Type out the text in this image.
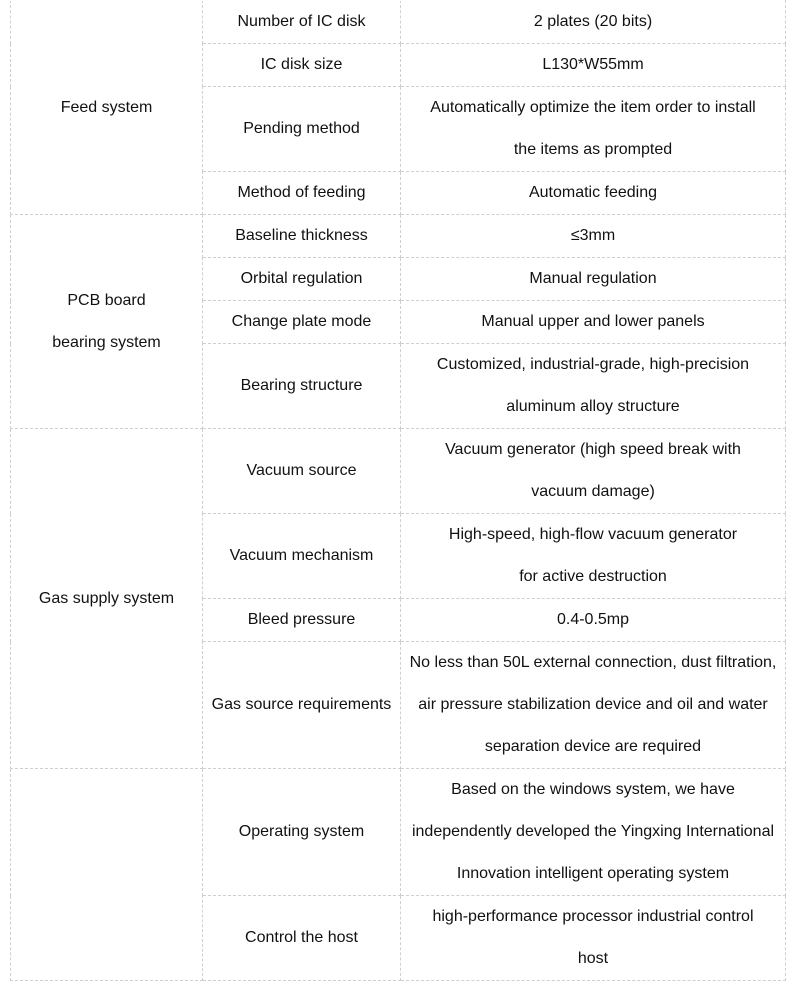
Feed system	Number of IC disk	2 plates (20 bits)

	IC disk size	L130*W55mm

	Pending method	Automatically optimize the item order to install
the items as prompted

	Method of feeding	Automatic feeding

PCB board
bearing system	Baseline thickness	≤3mm

	Orbital regulation	Manual regulation

	Change plate mode	Manual upper and lower panels

	Bearing structure	Customized, industrial-grade, high-precision
aluminum alloy structure

Gas supply system	Vacuum source	Vacuum generator (high speed break with
vacuum damage)

	Vacuum mechanism	High-speed, high-flow vacuum generator
for active destruction

	Bleed pressure	0.4-0.5mp

	Gas source requirements	No less than 50L external connection, dust filtration,
air pressure stabilization device and oil and water
separation device are required

	Operating system	Based on the windows system, we have
independently developed the Yingxing International
Innovation intelligent operating system

	Control the host	high-performance processor industrial control
host
